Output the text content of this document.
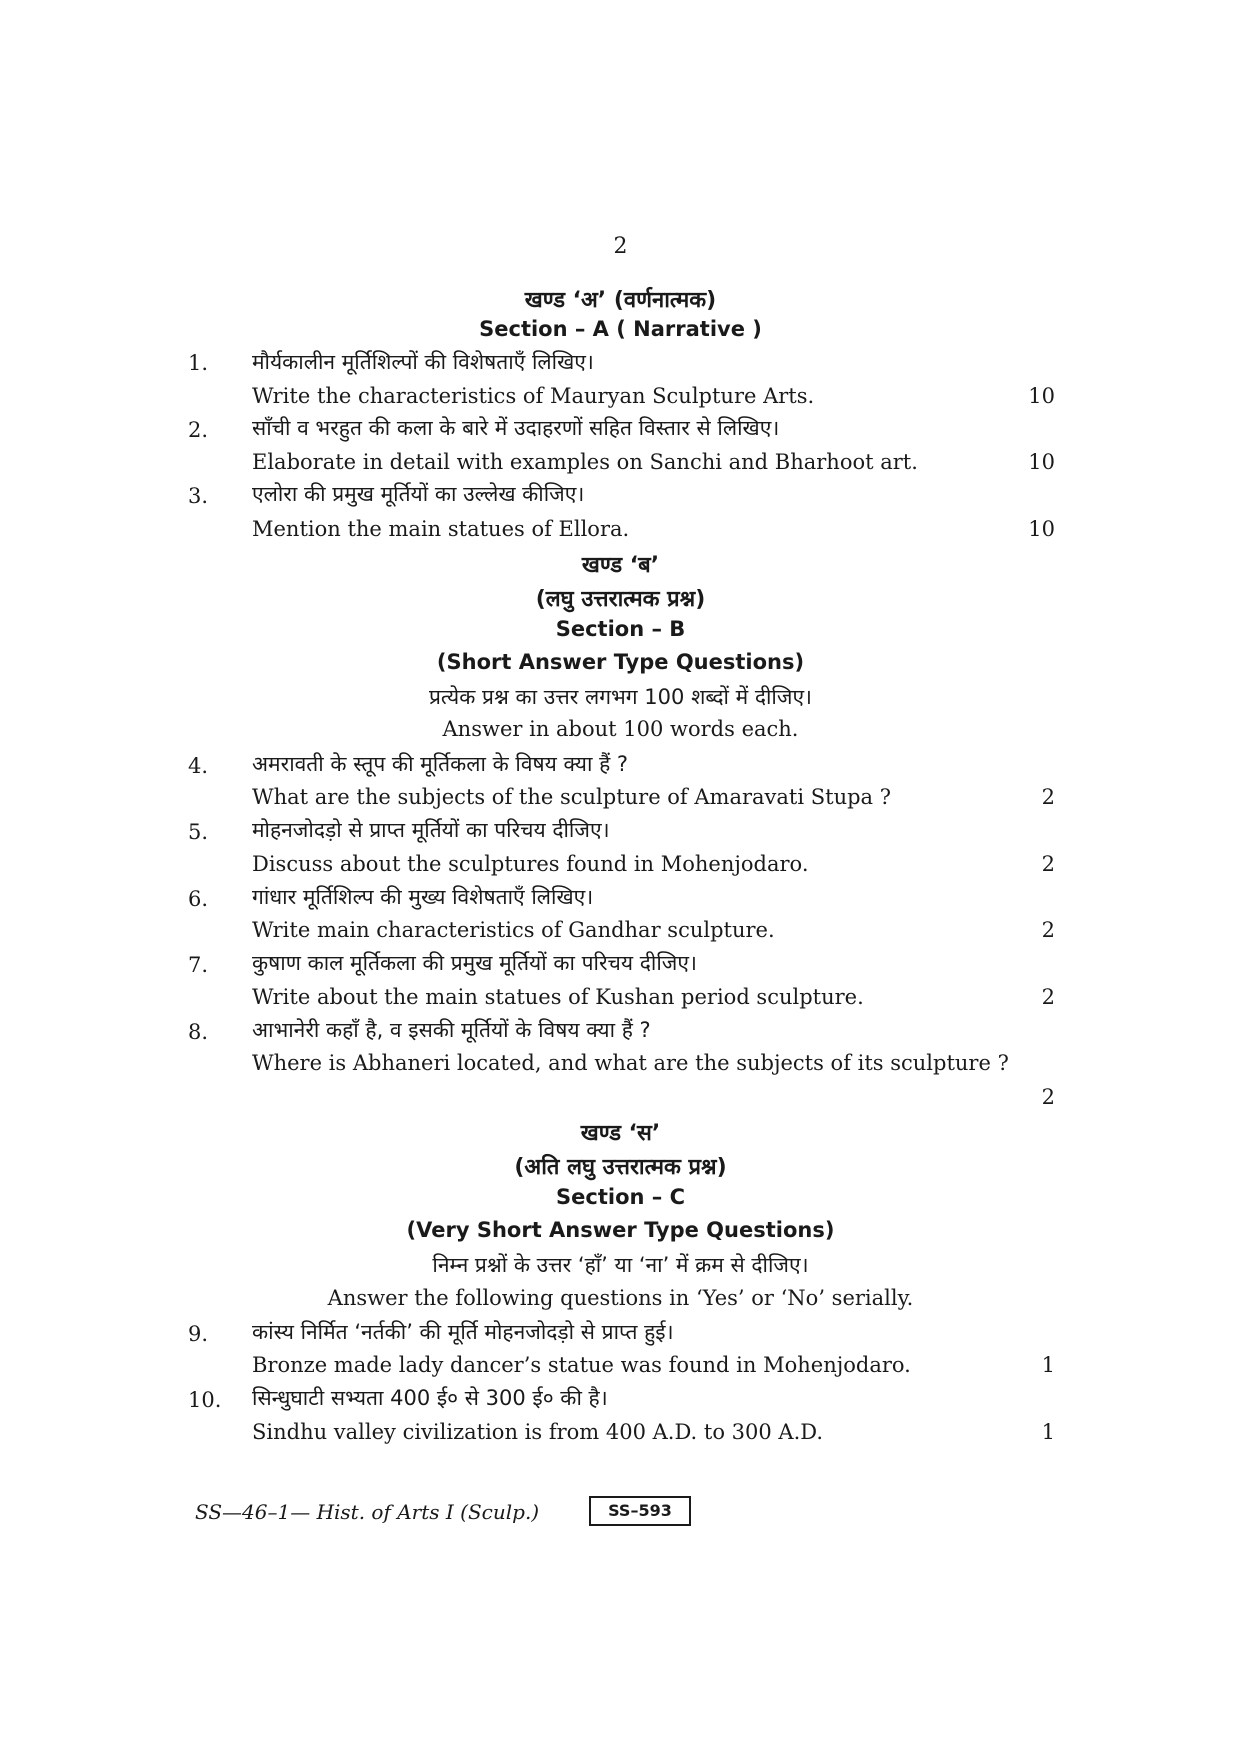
2
खण्ड ‘अ’ (वर्णनात्मक)
Section – A ( Narrative )
1. मौर्यकालीन मूर्तिशिल्पों की विशेषताएँ लिखिए।
Write the characteristics of Mauryan Sculpture Arts.	10
2. साँची व भरहुत की कला के बारे में उदाहरणों सहित विस्तार से लिखिए।
Elaborate in detail with examples on Sanchi and Bharhoot art.	10
3. एलोरा की प्रमुख मूर्तियों का उल्लेख कीजिए।
Mention the main statues of Ellora.	10
खण्ड ‘ब’
(लघु उत्तरात्मक प्रश्न)
Section – B
(Short Answer Type Questions)
प्रत्येक प्रश्न का उत्तर लगभग 100 शब्दों में दीजिए।
Answer in about 100 words each.
4. अमरावती के स्तूप की मूर्तिकला के विषय क्या हैं ?
What are the subjects of the sculpture of Amaravati Stupa ?	2
5. मोहनजोदड़ो से प्राप्त मूर्तियों का परिचय दीजिए।
Discuss about the sculptures found in Mohenjodaro.	2
6. गांधार मूर्तिशिल्प की मुख्य विशेषताएँ लिखिए।
Write main characteristics of Gandhar sculpture.	2
7. कुषाण काल मूर्तिकला की प्रमुख मूर्तियों का परिचय दीजिए।
Write about the main statues of Kushan period sculpture.	2
8. आभानेरी कहाँ है, व इसकी मूर्तियों के विषय क्या हैं ?
Where is Abhaneri located, and what are the subjects of its sculpture ?
2
खण्ड ‘स’
(अति लघु उत्तरात्मक प्रश्न)
Section – C
(Very Short Answer Type Questions)
निम्न प्रश्नों के उत्तर ‘हाँ’ या ‘ना’ में क्रम से दीजिए।
Answer the following questions in ‘Yes’ or ‘No’ serially.
9. कांस्य निर्मित ‘नर्तकी’ की मूर्ति मोहनजोदड़ो से प्राप्त हुई।
Bronze made lady dancer’s statue was found in Mohenjodaro.	1
10. सिन्धुघाटी सभ्यता 400 ई० से 300 ई० की है।
Sindhu valley civilization is from 400 A.D. to 300 A.D.	1
SS—46–1— Hist. of Arts I (Sculp.)	SS–593
